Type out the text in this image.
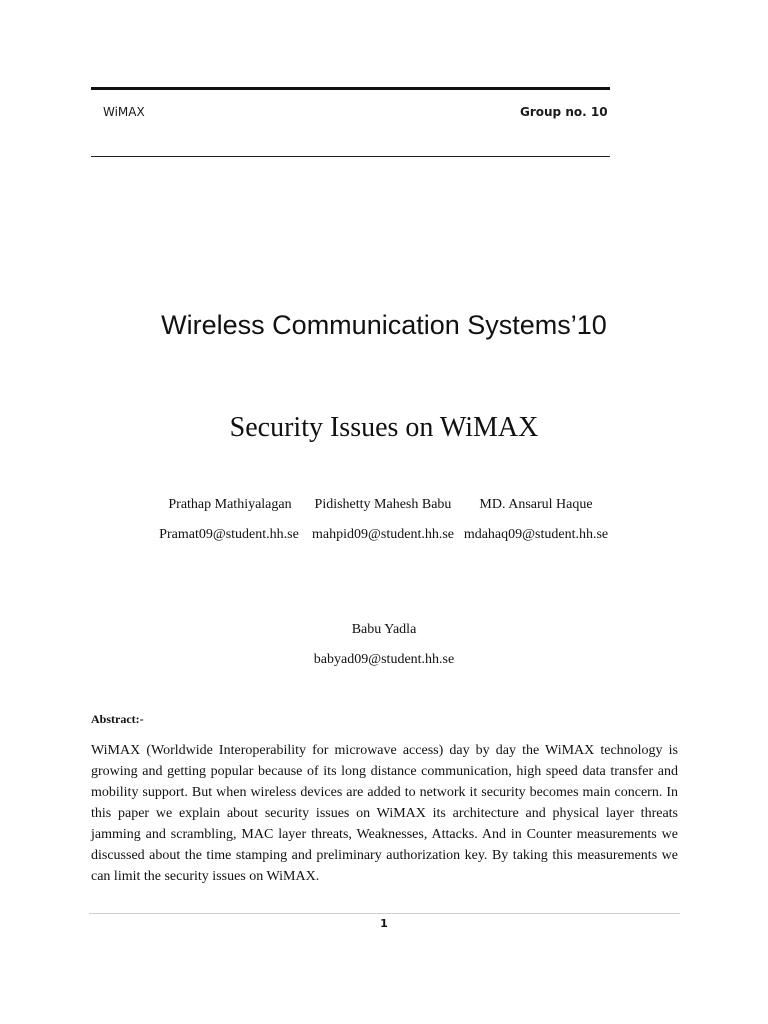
WiMAX	Group no. 10
Wireless Communication Systems’10
Security Issues on WiMAX
Prathap Mathiyalagan	Pidishetty Mahesh Babu	MD. Ansarul Haque
Pramat09@student.hh.se mahpid09@student.hh.se mdahaq09@student.hh.se
Babu Yadla
babyad09@student.hh.se
Abstract:-
WiMAX (Worldwide Interoperability for microwave access) day by day the WiMAX technology is growing and getting popular because of its long distance communication, high speed data transfer and mobility support. But when wireless devices are added to network it security becomes main concern. In this paper we explain about security issues on WiMAX its architecture and physical layer threats jamming and scrambling, MAC layer threats, Weaknesses, Attacks. And in Counter measurements we discussed about the time stamping and preliminary authorization key. By taking this measurements we can limit the security issues on WiMAX.
1
